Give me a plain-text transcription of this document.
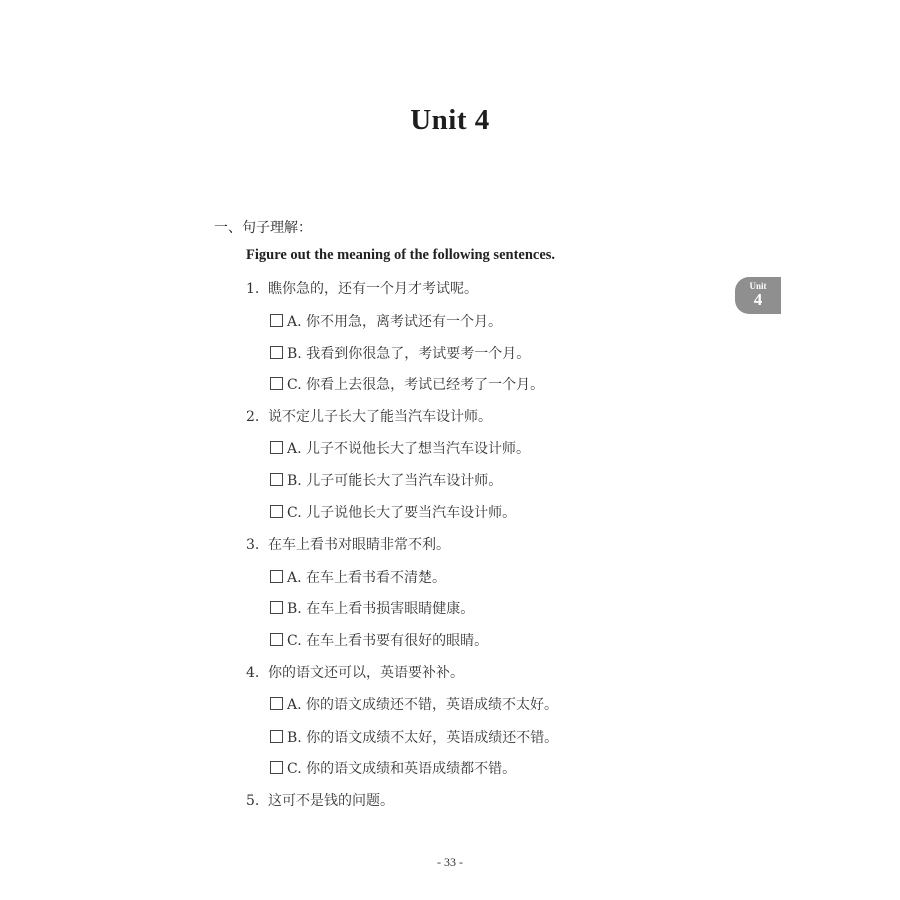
Unit 4
Unit
4
一、句子理解：
Figure out the meaning of the following sentences.
1. 瞧你急的，还有一个月才考试呢。
A. 你不用急，离考试还有一个月。
B. 我看到你很急了，考试要考一个月。
C. 你看上去很急，考试已经考了一个月。
2. 说不定儿子长大了能当汽车设计师。
A. 儿子不说他长大了想当汽车设计师。
B. 儿子可能长大了当汽车设计师。
C. 儿子说他长大了要当汽车设计师。
3. 在车上看书对眼睛非常不利。
A. 在车上看书看不清楚。
B. 在车上看书损害眼睛健康。
C. 在车上看书要有很好的眼睛。
4. 你的语文还可以，英语要补补。
A. 你的语文成绩还不错，英语成绩不太好。
B. 你的语文成绩不太好，英语成绩还不错。
C. 你的语文成绩和英语成绩都不错。
5. 这可不是钱的问题。
- 33 -
